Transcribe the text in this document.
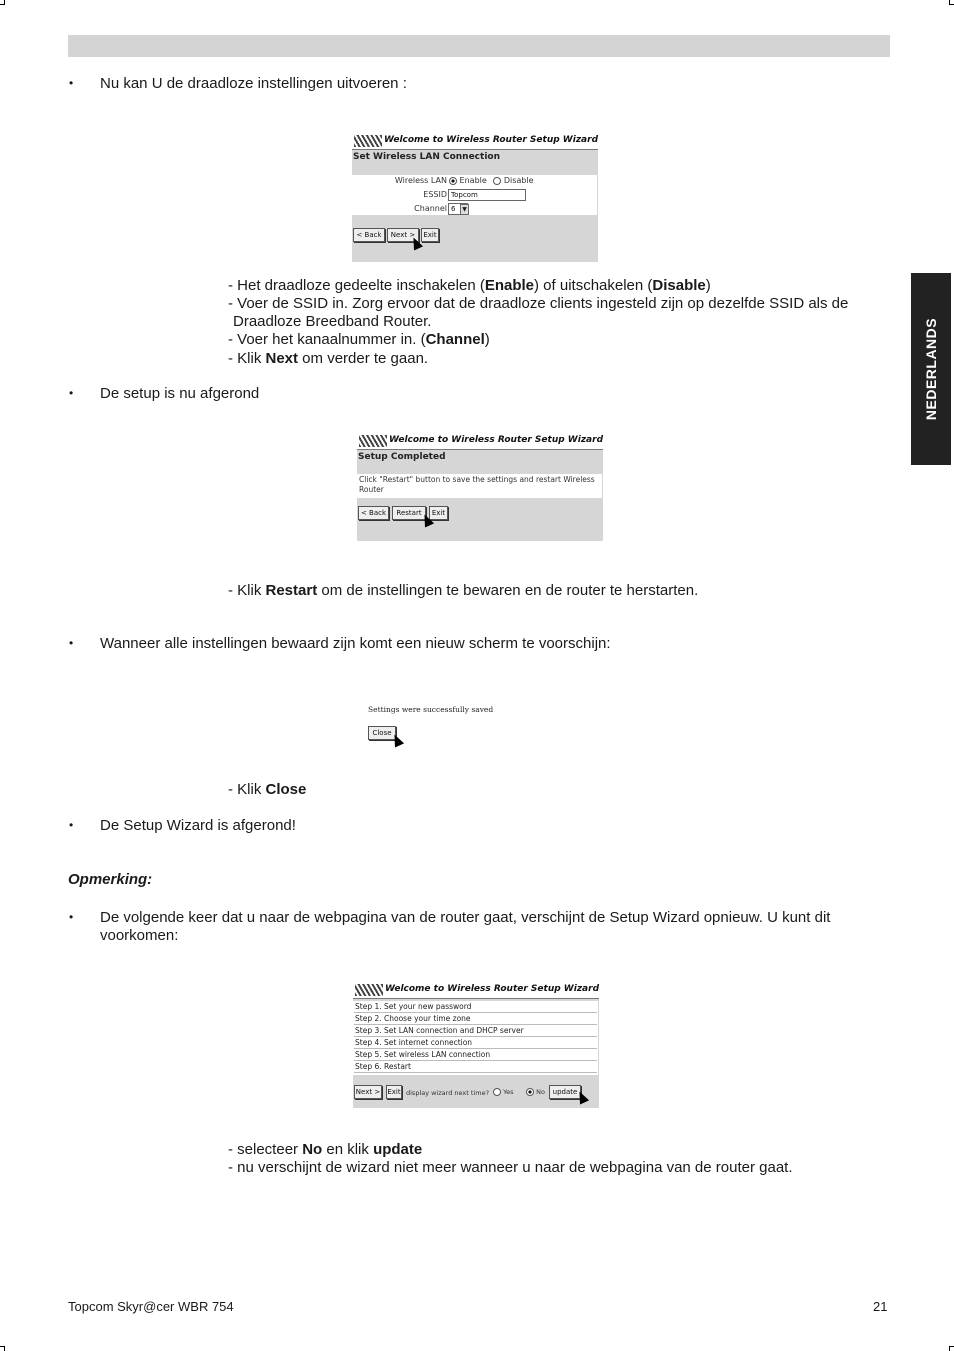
NEDERLANDS
• Nu kan U de draadloze instellingen uitvoeren :
Welcome to Wireless Router Setup Wizard
Set Wireless LAN Connection
Wireless LAN	Enable Disable
ESSID Topcom
Channel 6	▼
< Back	Next >	Exit
- Het draadloze gedeelte inschakelen (Enable) of uitschakelen (Disable)
- Voer de SSID in. Zorg ervoor dat de draadloze clients ingesteld zijn op dezelfde SSID als de
Draadloze Breedband Router.
- Voer het kanaalnummer in. (Channel)
- Klik Next om verder te gaan.
• De setup is nu afgerond
Welcome to Wireless Router Setup Wizard
Setup Completed
Click "Restart" button to save the settings and restart Wireless Router
< Back	Restart	Exit
- Klik Restart om de instellingen te bewaren en de router te herstarten.
• Wanneer alle instellingen bewaard zijn komt een nieuw scherm te voorschijn:
Settings were successfully saved
Close
- Klik Close
• De Setup Wizard is afgerond!
Opmerking:
• De volgende keer dat u naar de webpagina van de router gaat, verschijnt de Setup Wizard opnieuw. U kunt dit voorkomen:
Welcome to Wireless Router Setup Wizard
Step 1. Set your new password
Step 2. Choose your time zone
Step 3. Set LAN connection and DHCP server
Step 4. Set internet connection
Step 5. Set wireless LAN connection
Step 6. Restart
Next > Exit display wizard next time?	Yes	No	update
- selecteer No en klik update
- nu verschijnt de wizard niet meer wanneer u naar de webpagina van de router gaat.
Topcom Skyr@cer WBR 754	21
